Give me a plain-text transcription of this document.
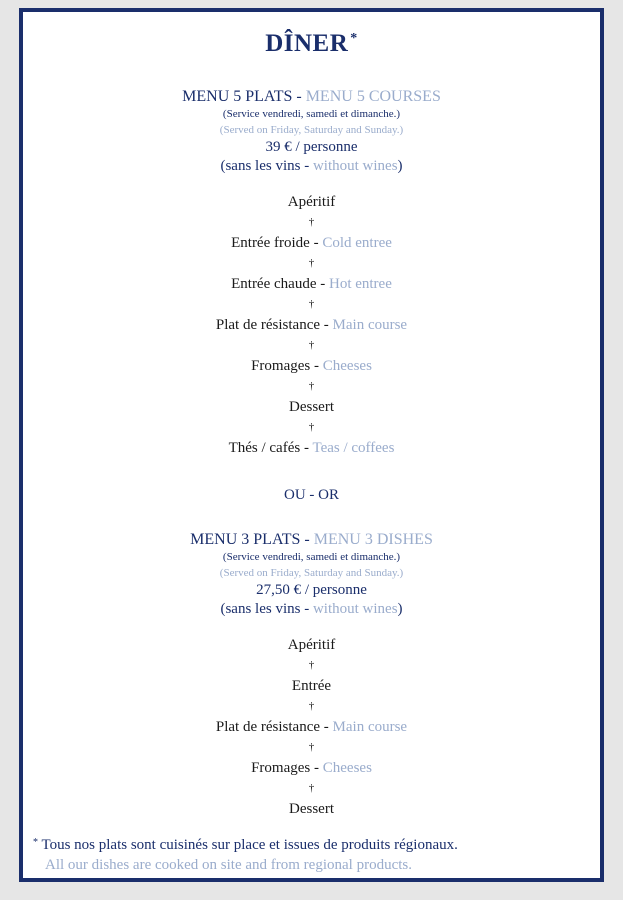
DÎNER *
MENU 5 PLATS - MENU 5 COURSES
(Service vendredi, samedi et dimanche.)
(Served on Friday, Saturday and Sunday.)
39 € / personne
(sans les vins - without wines)
Apéritif
†
Entrée froide - Cold entree
†
Entrée chaude - Hot entree
†
Plat de résistance - Main course
†
Fromages - Cheeses
†
Dessert
†
Thés / cafés - Teas / coffees
OU - OR
MENU 3 PLATS - MENU 3 DISHES
(Service vendredi, samedi et dimanche.)
(Served on Friday, Saturday and Sunday.)
27,50 € / personne
(sans les vins - without wines)
Apéritif
†
Entrée
†
Plat de résistance - Main course
†
Fromages - Cheeses
†
Dessert
* Tous nos plats sont cuisinés sur place et issues de produits régionaux.
All our dishes are cooked on site and from regional products.
